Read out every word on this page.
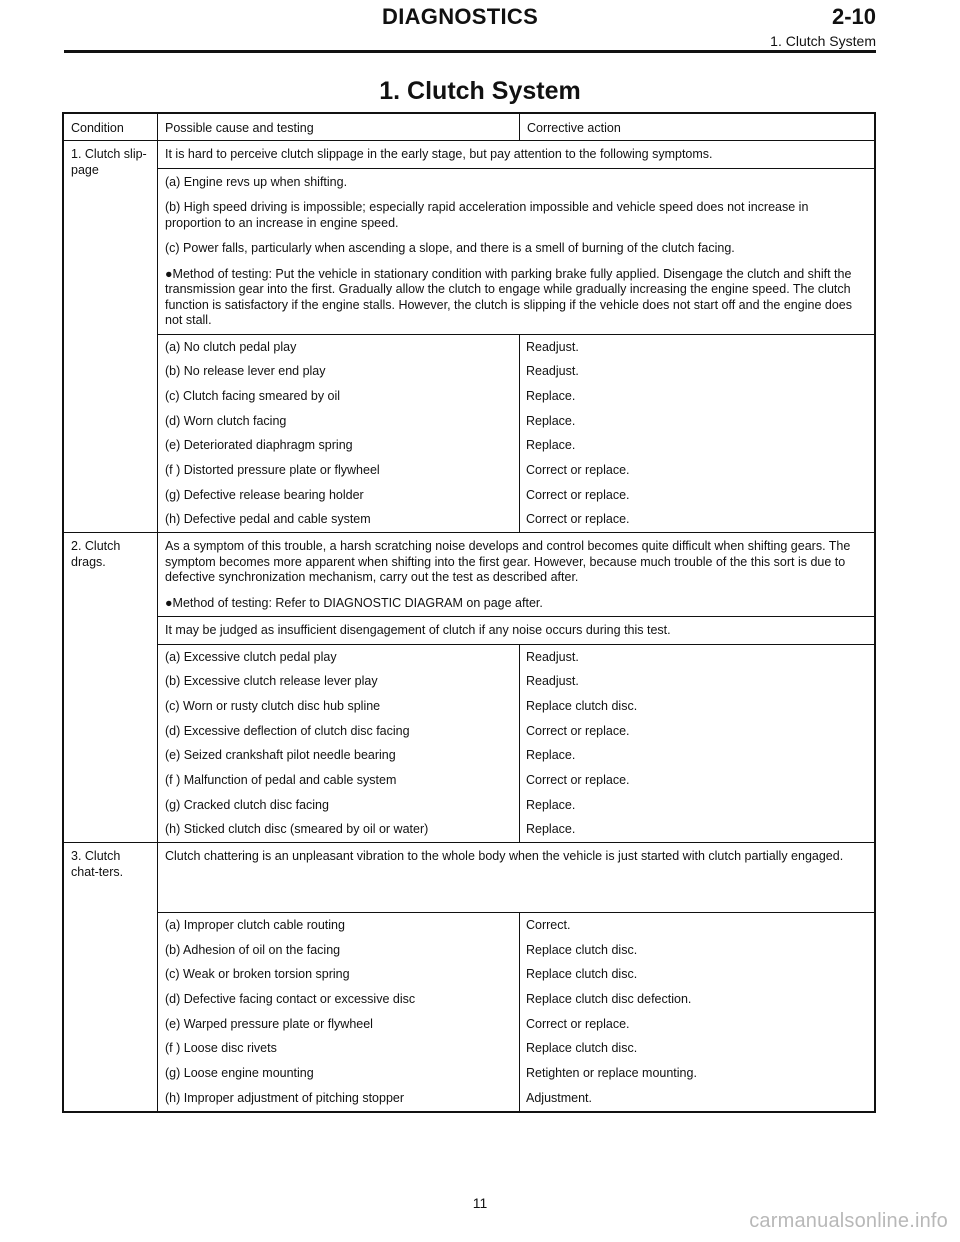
DIAGNOSTICS	2-10
1. Clutch System
1. Clutch System
Condition	Possible cause and testing	Corrective action
1. Clutch slip-page

It is hard to perceive clutch slippage in the early stage, but pay attention to the following symptoms.

(a) Engine revs up when shifting.

(b) High speed driving is impossible; especially rapid acceleration impossible and vehicle speed does not increase in proportion to an increase in engine speed.

(c) Power falls, particularly when ascending a slope, and there is a smell of burning of the clutch facing.

●Method of testing: Put the vehicle in stationary condition with parking brake fully applied. Disengage the clutch and shift the transmission gear into the first. Gradually allow the clutch to engage while gradually increasing the engine speed. The clutch function is satisfactory if the engine stalls. However, the clutch is slipping if the vehicle does not start off and the engine does not stall.

(a) No clutch pedal play	Readjust.
(b) No release lever end play	Readjust.
(c) Clutch facing smeared by oil	Replace.
(d) Worn clutch facing	Replace.
(e) Deteriorated diaphragm spring	Replace.
(f ) Distorted pressure plate or flywheel	Correct or replace.
(g) Defective release bearing holder	Correct or replace.
(h) Defective pedal and cable system	Correct or replace.
2. Clutch drags.

As a symptom of this trouble, a harsh scratching noise develops and control becomes quite difficult when shifting gears. The symptom becomes more apparent when shifting into the first gear. However, because much trouble of the this sort is due to defective synchronization mechanism, carry out the test as described after.

●Method of testing: Refer to DIAGNOSTIC DIAGRAM on page after.

It may be judged as insufficient disengagement of clutch if any noise occurs during this test.

(a) Excessive clutch pedal play	Readjust.
(b) Excessive clutch release lever play	Readjust.
(c) Worn or rusty clutch disc hub spline	Replace clutch disc.
(d) Excessive deflection of clutch disc facing	Correct or replace.
(e) Seized crankshaft pilot needle bearing	Replace.
(f ) Malfunction of pedal and cable system	Correct or replace.
(g) Cracked clutch disc facing	Replace.
(h) Sticked clutch disc (smeared by oil or water)	Replace.
3. Clutch chat-ters.

Clutch chattering is an unpleasant vibration to the whole body when the vehicle is just started with clutch partially engaged.

(a) Improper clutch cable routing	Correct.
(b) Adhesion of oil on the facing	Replace clutch disc.
(c) Weak or broken torsion spring	Replace clutch disc.
(d) Defective facing contact or excessive disc	Replace clutch disc defection.
(e) Warped pressure plate or flywheel	Correct or replace.
(f ) Loose disc rivets	Replace clutch disc.
(g) Loose engine mounting	Retighten or replace mounting.
(h) Improper adjustment of pitching stopper	Adjustment.
11
carmanualsonline.info
